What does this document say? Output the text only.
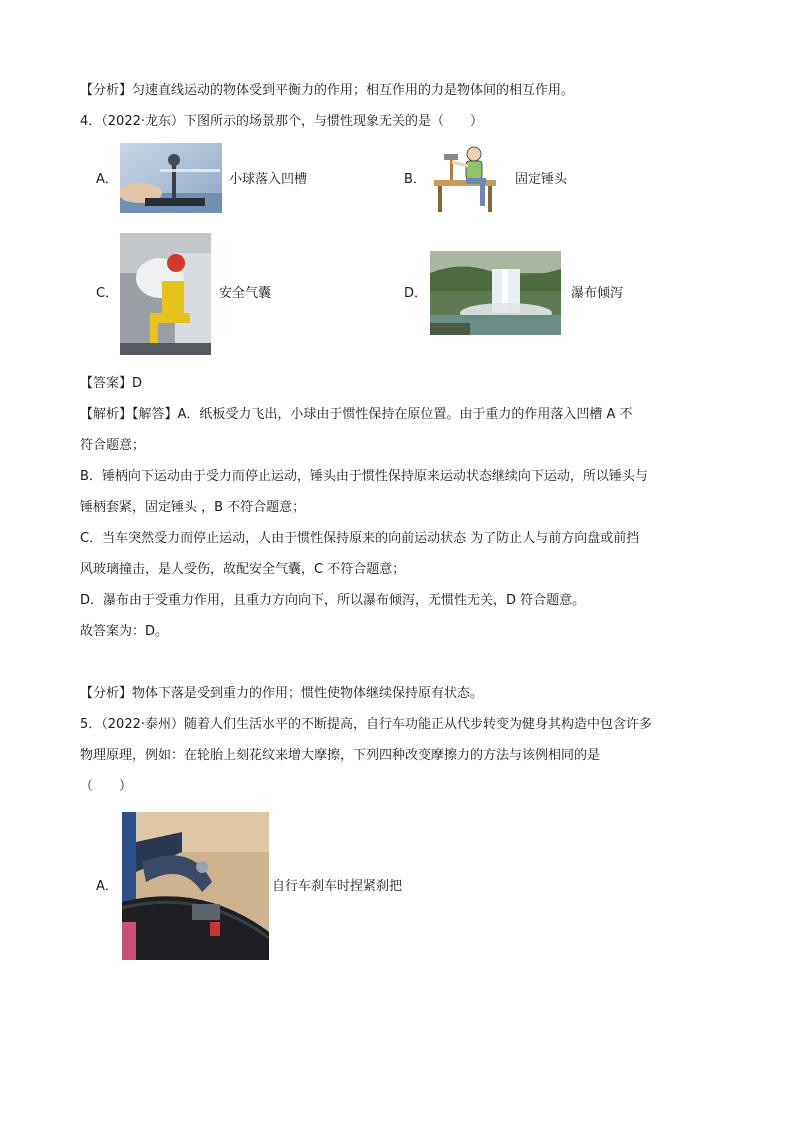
【分析】匀速直线运动的物体受到平衡力的作用；相互作用的力是物体间的相互作用。
4．（2022·龙东）下图所示的场景那个，与惯性现象无关的是（　　）
A．	小球落入凹槽	B．	固定锤头
C．	安全气囊	D．	瀑布倾泻
【答案】D
【解析】【解答】A．纸板受力飞出，小球由于惯性保持在原位置。由于重力的作用落入凹槽 A 不
符合题意；
B．锤柄向下运动由于受力而停止运动，锤头由于惯性保持原来运动状态继续向下运动，所以锤头与
锤柄套紧，固定锤头 ，B 不符合题意；
C．当车突然受力而停止运动，人由于惯性保持原来的向前运动状态 为了防止人与前方向盘或前挡
风玻璃撞击，是人受伤，故配安全气囊，C 不符合题意；
D．瀑布由于受重力作用，且重力方向向下，所以瀑布倾泻，无惯性无关，D 符合题意。
故答案为：D。
【分析】物体下落是受到重力的作用；惯性使物体继续保持原有状态。
5．（2022·泰州）随着人们生活水平的不断提高，自行车功能正从代步转变为健身其构造中包含许多
物理原理，例如：在轮胎上刻花纹来增大摩擦，下列四种改变摩擦力的方法与该例相同的是
（　　）
A．	自行车刹车时捏紧刹把
